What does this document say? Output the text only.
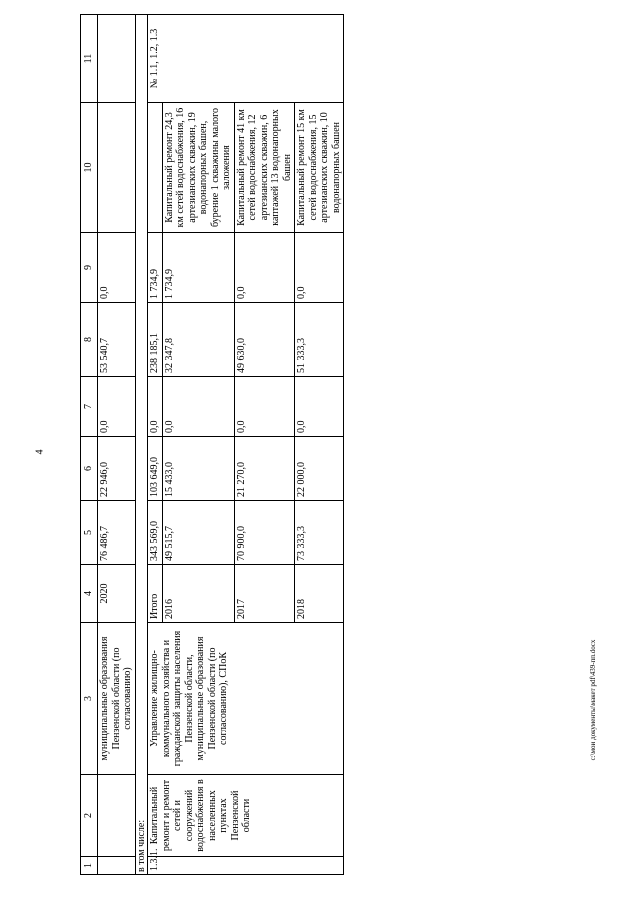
4
c:\мои документы\макет pdf\439-пп.docx
1	2	3	4	5	6	7	8	9	10	11
		муниципальные образования Пензенской области (по согласованию)	2020	76 486,7	22 946,0	0,0	53 540,7	0,0		
в том числе:										
1.3.1.	Капитальный ремонт и ремонт сетей и сооружений водоснабжения в населенных пунктах Пензенской области	Управление жилищно-коммунального хозяйства и гражданской защиты населения Пензенской области, муниципальные образования Пензенской области (по согласованию), СПоК	Итого	343 569,0	103 649,0	0,0	238 185,1	1 734,9		№ 1.1, 1.2, 1.3
			2016	49 515,7	15 433,0	0,0	32 347,8	1 734,9	Капитальный ремонт 24,3 км сетей водоснабжения, 16 артезианских скважин, 19 водонапорных башен, бурение 1 скважины малого заложения	
			2017	70 900,0	21 270,0	0,0	49 630,0	0,0	Капитальный ремонт 41 км сетей водоснабжения, 12 артезианских скважин, 6 каптажей 13 водонапорных башен	
			2018	73 333,3	22 000,0	0,0	51 333,3	0,0	Капитальный ремонт 15 км сетей водоснабжения, 15 артезианских скважин, 10 водонапорных башен	
